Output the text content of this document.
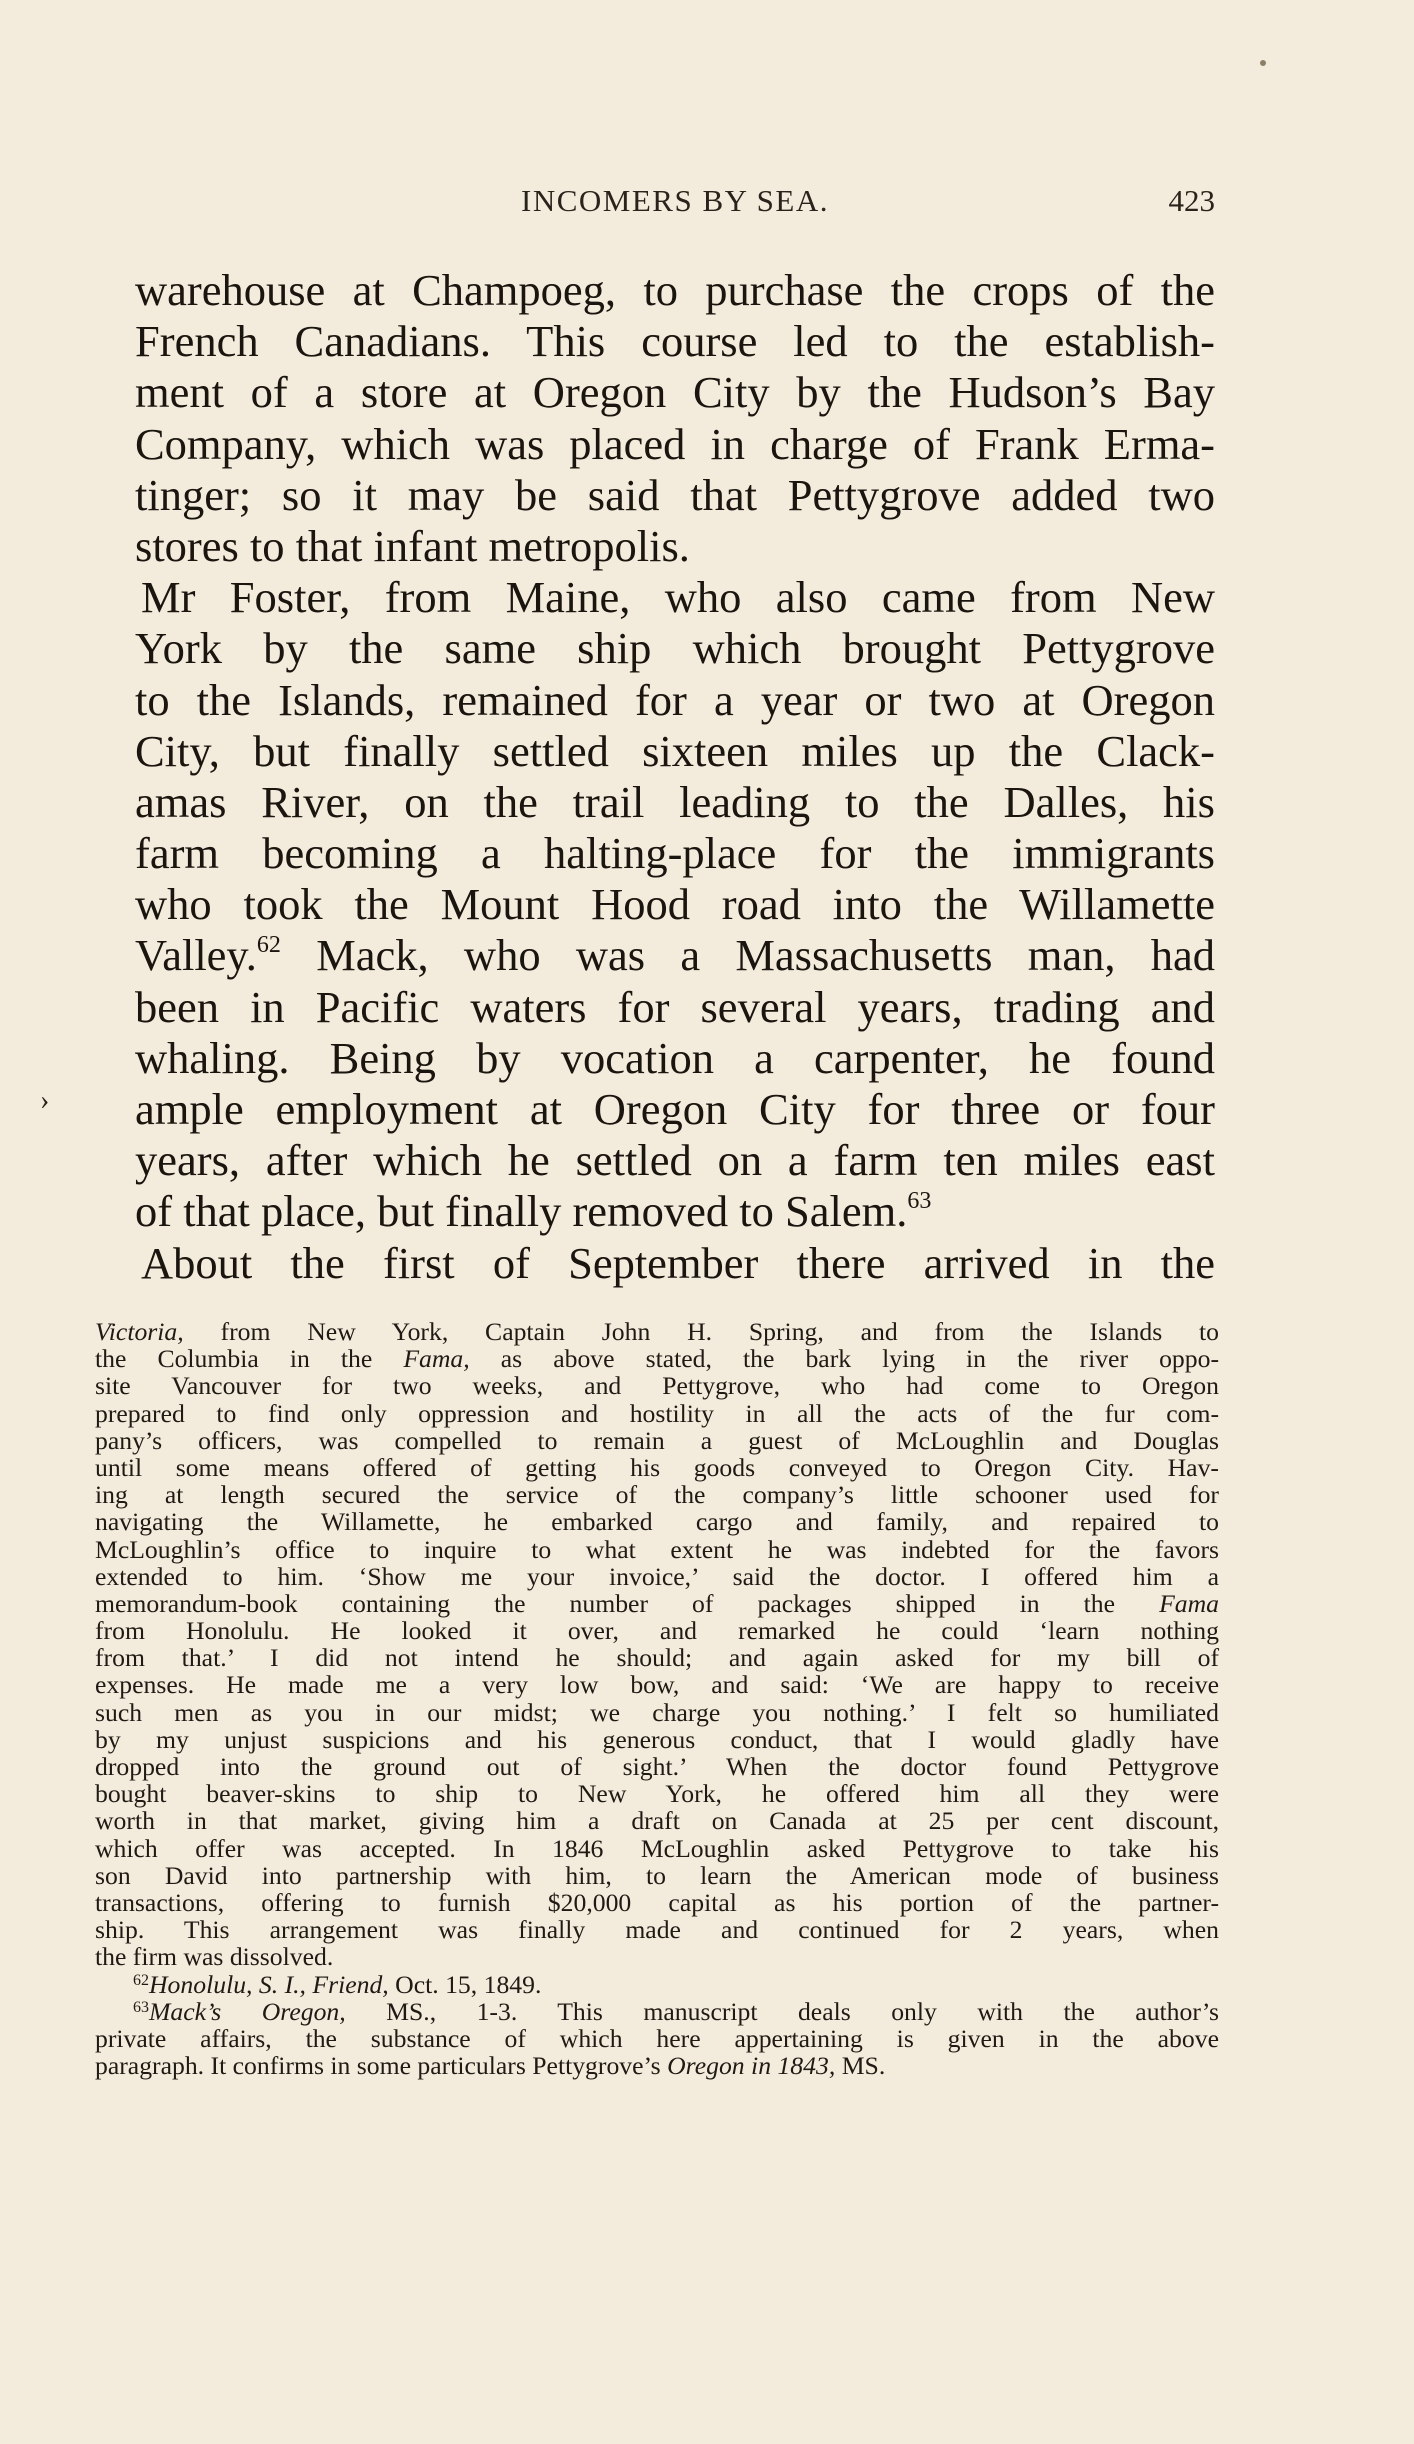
INCOMERS BY SEA.	423
›
warehouse at Champoeg, to purchase the crops of the
French Canadians. This course led to the establish-
ment of a store at Oregon City by the Hudson’s Bay
Company, which was placed in charge of Frank Erma-
tinger; so it may be said that Pettygrove added two
stores to that infant metropolis.
Mr Foster, from Maine, who also came from New
York by the same ship which brought Pettygrove
to the Islands, remained for a year or two at Oregon
City, but finally settled sixteen miles up the Clack-
amas River, on the trail leading to the Dalles, his
farm becoming a halting-place for the immigrants
who took the Mount Hood road into the Willamette
Valley.$^{62}$ Mack, who was a Massachusetts man, had
been in Pacific waters for several years, trading and
whaling. Being by vocation a carpenter, he found
ample employment at Oregon City for three or four
years, after which he settled on a farm ten miles east
of that place, but finally removed to Salem.$^{63}$
About the first of September there arrived in the
Victoria, from New York, Captain John H. Spring, and from the Islands to
the Columbia in the Fama, as above stated, the bark lying in the river oppo-
site Vancouver for two weeks, and Pettygrove, who had come to Oregon
prepared to find only oppression and hostility in all the acts of the fur com-
pany’s officers, was compelled to remain a guest of McLoughlin and Douglas
until some means offered of getting his goods conveyed to Oregon City. Hav-
ing at length secured the service of the company’s little schooner used for
navigating the Willamette, he embarked cargo and family, and repaired to
McLoughlin’s office to inquire to what extent he was indebted for the favors
extended to him. ‘Show me your invoice,’ said the doctor. I offered him a
memorandum-book containing the number of packages shipped in the Fama
from Honolulu. He looked it over, and remarked he could ‘learn nothing
from that.’ I did not intend he should; and again asked for my bill of
expenses. He made me a very low bow, and said: ‘We are happy to receive
such men as you in our midst; we charge you nothing.’ I felt so humiliated
by my unjust suspicions and his generous conduct, that I would gladly have
dropped into the ground out of sight.’ When the doctor found Pettygrove
bought beaver-skins to ship to New York, he offered him all they were
worth in that market, giving him a draft on Canada at 25 per cent discount,
which offer was accepted. In 1846 McLoughlin asked Pettygrove to take his
son David into partnership with him, to learn the American mode of business
transactions, offering to furnish $20,000 capital as his portion of the partner-
ship. This arrangement was finally made and continued for 2 years, when
the firm was dissolved.
$^{62}$Honolulu, S. I., Friend, Oct. 15, 1849.
$^{63}$Mack’s Oregon, MS., 1-3. This manuscript deals only with the author’s
private affairs, the substance of which here appertaining is given in the above
paragraph. It confirms in some particulars Pettygrove’s Oregon in 1843, MS.
